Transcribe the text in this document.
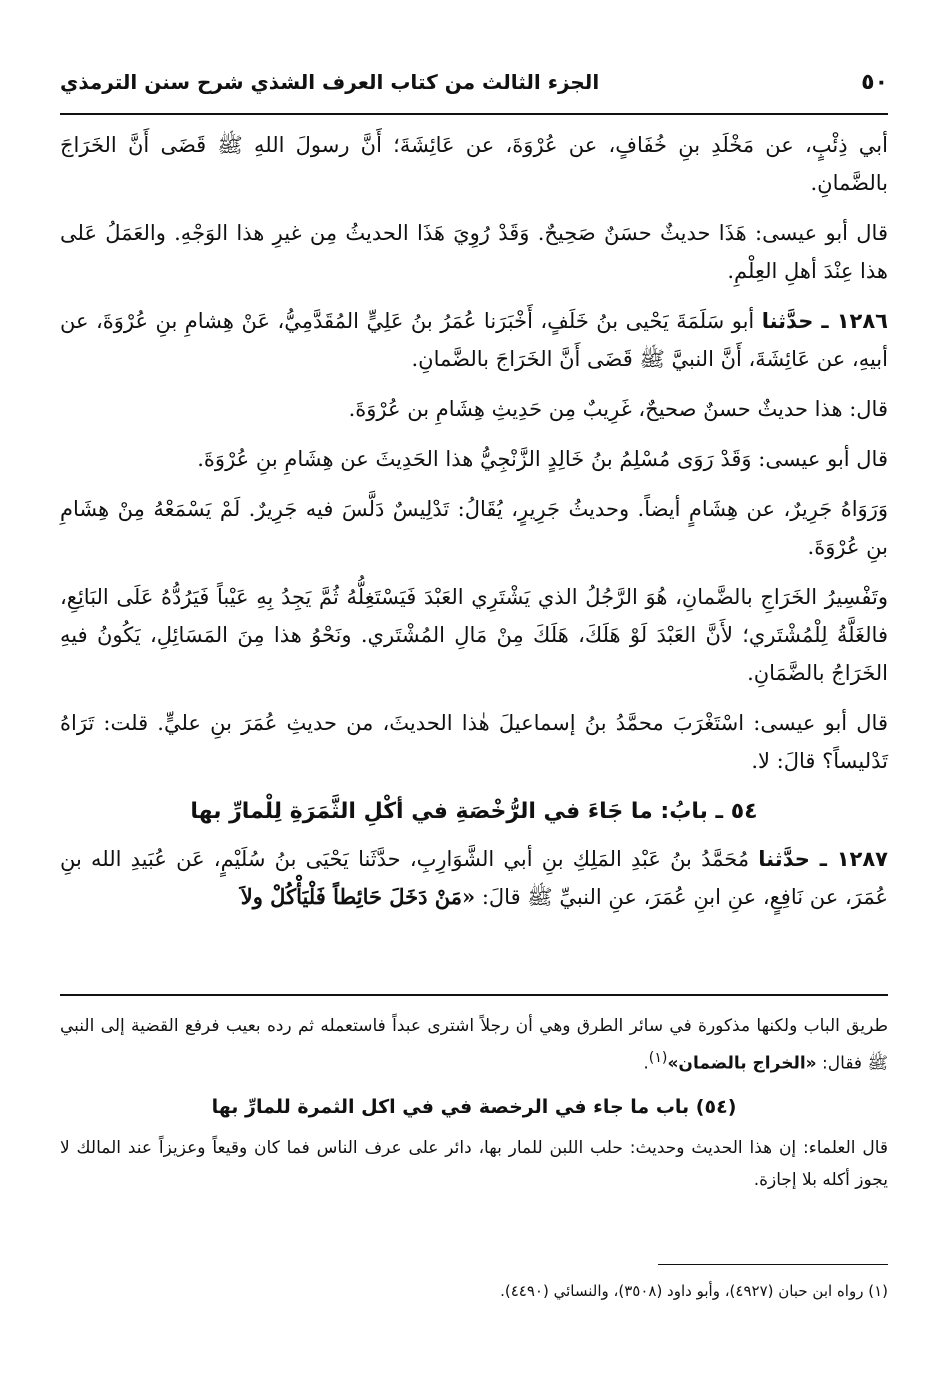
٥٠
الجزء الثالث من كتاب العرف الشذي شرح سنن الترمذي

أبي ذِئْبٍ، عن مَخْلَدِ بنِ خُفَافٍ، عن عُرْوَةَ، عن عَائِشَةَ؛ أَنَّ رسولَ اللهِ ﷺ قَضَى أَنَّ الخَرَاجَ بالضَّمانِ.

قال أبو عيسى: هَذَا حديثٌ حسَنٌ صَحِيحٌ. وَقَدْ رُوِيَ هَذَا الحديثُ مِن غيرِ هذا الوَجْهِ. والعَمَلُ عَلى هذا عِنْدَ أهلِ العِلْمِ.

١٢٨٦ ـ حدَّثنا أبو سَلَمَةَ يَحْيى بنُ خَلَفٍ، أَخْبَرَنا عُمَرُ بنُ عَلِيٍّ المُقَدَّمِيُّ، عَنْ هِشامِ بنِ عُرْوَةَ، عن أبيهِ، عن عَائِشَةَ، أَنَّ النبيَّ ﷺ قَضَى أَنَّ الخَرَاجَ بالضَّمانِ.

قال: هذا حديثٌ حسنٌ صحيحٌ، غَرِيبٌ مِن حَدِيثِ هِشَامِ بن عُرْوَةَ.

قال أبو عيسى: وَقَدْ رَوَى مُسْلِمُ بنُ خَالِدٍ الزَّنْجِيُّ هذا الحَدِيثَ عن هِشَامِ بنِ عُرْوَةَ.

وَرَوَاهُ جَرِيرٌ، عن هِشَامٍ أيضاً. وحديثُ جَرِيرٍ، يُقَالُ: تَدْلِيسٌ دَلَّسَ فيه جَرِيرٌ. لَمْ يَسْمَعْهُ مِنْ هِشَامِ بنِ عُرْوَةَ.

وتَفْسِيرُ الخَرَاجِ بالضَّمانِ، هُوَ الرَّجُلُ الذي يَشْتَرِي العَبْدَ فَيَسْتَغِلُّهُ ثُمَّ يَجِدُ بِهِ عَيْباً فَيَرُدُّهُ عَلَى البَائِعِ، فالغَلَّةُ لِلْمُشْتَري؛ لأَنَّ العَبْدَ لَوْ هَلَكَ، هَلَكَ مِنْ مَالِ المُشْتَري. ونَحْوُ هذا مِنَ المَسَائِلِ، يَكُونُ فيهِ الخَرَاجُ بالضَّمَانِ.

قال أبو عيسى: اسْتَغْرَبَ محمَّدُ بنُ إسماعيلَ هٰذا الحديثَ، من حديثِ عُمَرَ بنِ عليٍّ. قلت: تَرَاهُ تَدْليساً؟ قالَ: لا.

٥٤ ـ بابُ: ما جَاءَ في الرُّخْصَةِ في أكْلِ الثَّمَرَةِ لِلْمارِّ بها

١٢٨٧ ـ حدَّثنا مُحَمَّدُ بنُ عَبْدِ المَلِكِ بنِ أبي الشَّوَارِبِ، حدَّثَنا يَحْيَى بنُ سُلَيْمٍ، عَن عُبَيدِ الله بنِ عُمَرَ، عن نَافِعٍ، عنِ ابنِ عُمَرَ، عنِ النبيِّ ﷺ قالَ: «مَنْ دَخَلَ حَائِطاً فَلْيَأْكُلْ ولاَ

طريق الباب ولكنها مذكورة في سائر الطرق وهي أن رجلاً اشترى عبداً فاستعمله ثم رده بعيب فرفع القضية إلى النبي ﷺ فقال: «الخراج بالضمان»$^{(١)}$.

(٥٤) باب ما جاء في الرخصة في في اكل الثمرة للمارِّ بها

قال العلماء: إن هذا الحديث وحديث: حلب اللبن للمار بها، دائر على عرف الناس فما كان وقيعاً وعزيزاً عند المالك لا يجوز أكله بلا إجازة.

(١) رواه ابن حبان (٤٩٢٧)، وأبو داود (٣٥٠٨)، والنسائي (٤٤٩٠).
